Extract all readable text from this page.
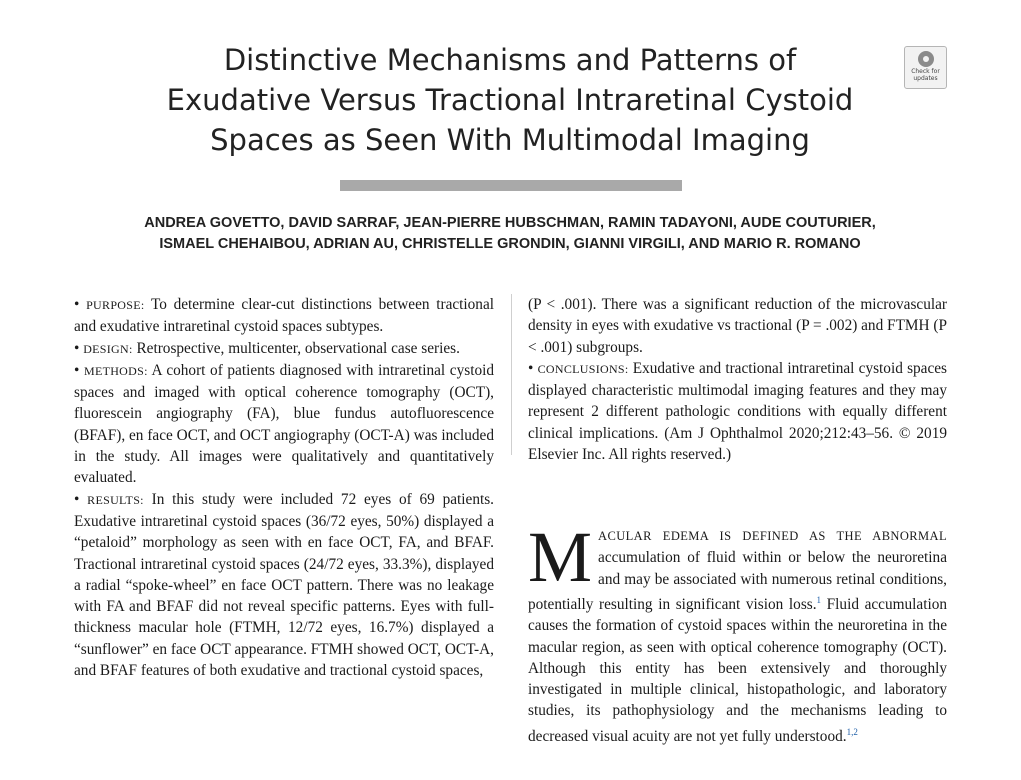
Distinctive Mechanisms and Patterns of
Exudative Versus Tractional Intraretinal Cystoid
Spaces as Seen With Multimodal Imaging
Check for
updates

ANDREA GOVETTO, DAVID SARRAF, JEAN-PIERRE HUBSCHMAN, RAMIN TADAYONI, AUDE COUTURIER,
ISMAEL CHEHAIBOU, ADRIAN AU, CHRISTELLE GRONDIN, GIANNI VIRGILI, AND MARIO R. ROMANO

• PURPOSE: To determine clear-cut distinctions between tractional and exudative intraretinal cystoid spaces subtypes.

• DESIGN: Retrospective, multicenter, observational case series.

• METHODS: A cohort of patients diagnosed with intraretinal cystoid spaces and imaged with optical coherence tomography (OCT), fluorescein angiography (FA), blue fundus autofluorescence (BFAF), en face OCT, and OCT angiography (OCT-A) was included in the study. All images were qualitatively and quantitatively evaluated.

• RESULTS: In this study were included 72 eyes of 69 patients. Exudative intraretinal cystoid spaces (36/72 eyes, 50%) displayed a “petaloid” morphology as seen with en face OCT, FA, and BFAF. Tractional intraretinal cystoid spaces (24/72 eyes, 33.3%), displayed a radial “spoke-wheel” en face OCT pattern. There was no leakage with FA and BFAF did not reveal specific patterns. Eyes with full-thickness macular hole (FTMH, 12/72 eyes, 16.7%) displayed a “sunflower” en face OCT appearance. FTMH showed OCT, OCT-A, and BFAF features of both exudative and tractional cystoid spaces,

(P < .001). There was a significant reduction of the microvascular density in eyes with exudative vs tractional (P = .002) and FTMH (P < .001) subgroups.

• CONCLUSIONS: Exudative and tractional intraretinal cystoid spaces displayed characteristic multimodal imaging features and they may represent 2 different pathologic conditions with equally different clinical implications. (Am J Ophthalmol 2020;212:43–56. © 2019 Elsevier Inc. All rights reserved.)

MACULAR EDEMA IS DEFINED AS THE ABNORMAL accumulation of fluid within or below the neuroretina and may be associated with numerous retinal conditions, potentially resulting in significant vision loss.$^1$ Fluid accumulation causes the formation of cystoid spaces within the neuroretina in the macular region, as seen with optical coherence tomography (OCT). Although this entity has been extensively and thoroughly investigated in multiple clinical, histopathologic, and laboratory studies, its pathophysiology and the mechanisms leading to decreased visual acuity are not yet fully understood.$^{1,2}$
